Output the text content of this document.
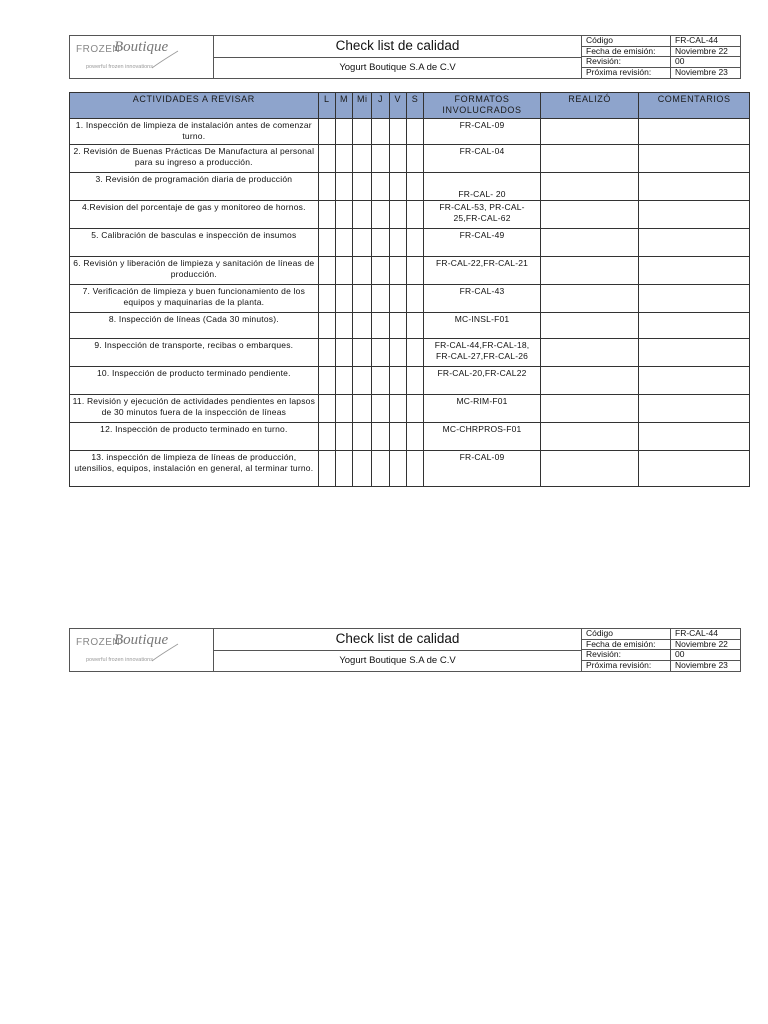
FROZEN
Boutique
powerful frozen innovations
Check list de calidad
Yogurt Boutique S.A de C.V
Código	FR-CAL-44
Fecha de emisión:	Noviembre 22
Revisión:	00
Próxima revisión:	Noviembre 23
ACTIVIDADES A REVISAR	L	M	Mi	J	V	S	FORMATOS INVOLUCRADOS	REALIZÓ	COMENTARIOS
1. Inspección de limpieza de instalación antes de comenzar turno.							FR-CAL-09		
2. Revisión de Buenas Prácticas De Manufactura al personal para su ingreso a producción.							FR-CAL-04		
3. Revisión de programación diaria de producción							FR-CAL- 20		
4.Revision del porcentaje de gas y monitoreo de hornos.							FR-CAL-53, PR-CAL-25,FR-CAL-62		
5. Calibración de basculas e inspección de insumos							FR-CAL-49		
6. Revisión y liberación de limpieza y sanitación de líneas de producción.							FR-CAL-22,FR-CAL-21		
7. Verificación de limpieza y buen funcionamiento de los equipos y maquinarias de la planta.							FR-CAL-43		
8. Inspección de líneas (Cada 30 minutos).							MC-INSL-F01		
9. Inspección de transporte, recibas o embarques.							FR-CAL-44,FR-CAL-18, FR-CAL-27,FR-CAL-26		
10. Inspección de producto terminado pendiente.							FR-CAL-20,FR-CAL22		
11. Revisión y ejecución de actividades pendientes en lapsos de 30 minutos fuera de la inspección de líneas							MC-RIM-F01		
12. Inspección de producto terminado en turno.							MC-CHRPROS-F01		
13. inspección de limpieza de líneas de producción, utensilios, equipos, instalación en general, al terminar turno.							FR-CAL-09		
FROZEN
Boutique
powerful frozen innovations
Check list de calidad
Yogurt Boutique S.A de C.V
Código	FR-CAL-44
Fecha de emisión:	Noviembre 22
Revisión:	00
Próxima revisión:	Noviembre 23
